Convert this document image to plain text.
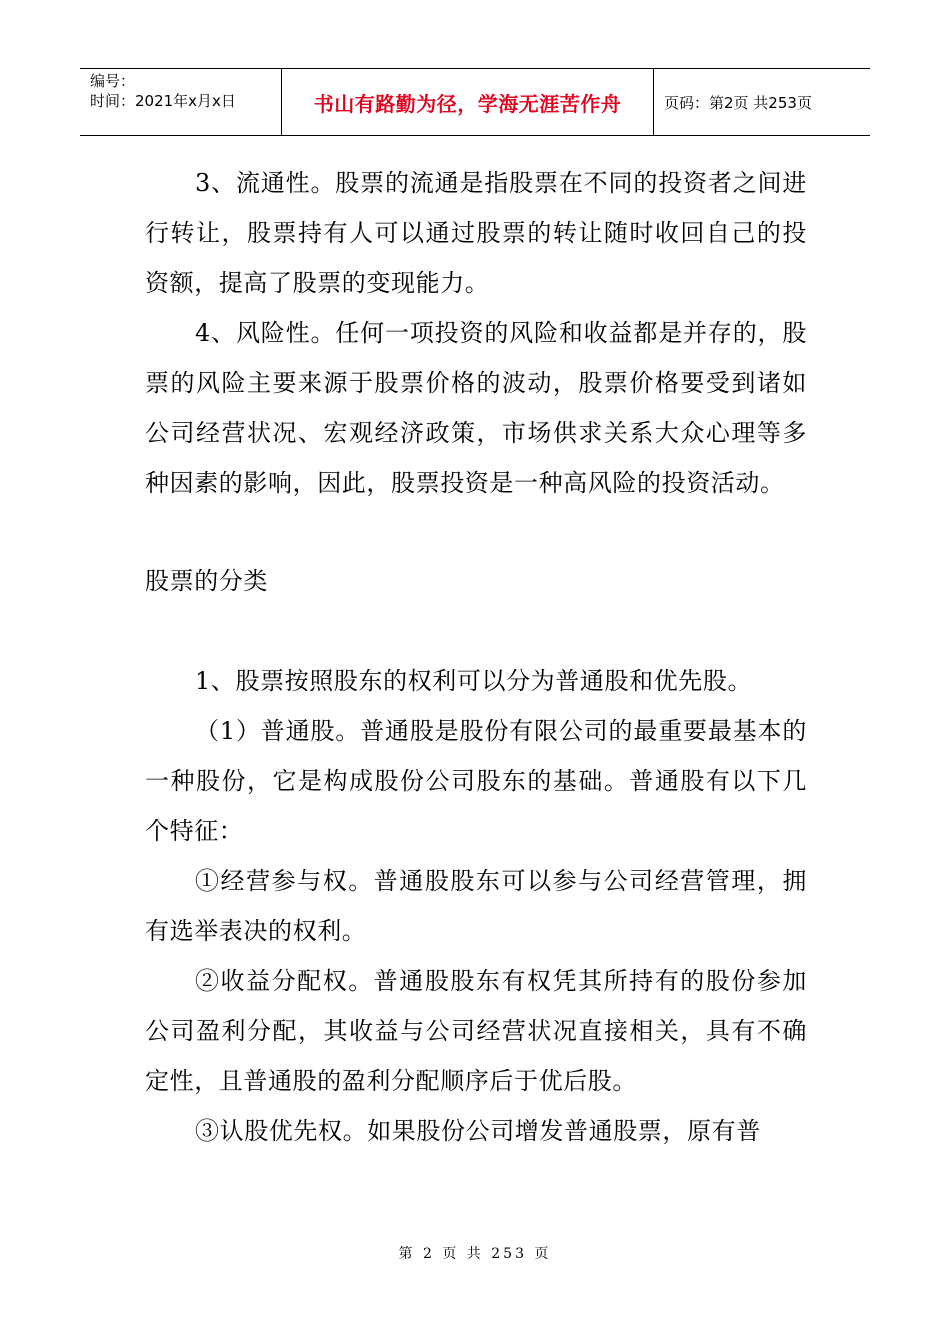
编号：
时间：2021年x月x日	书山有路勤为径，学海无涯苦作舟	页码：第2页 共253页

3、流通性。股票的流通是指股票在不同的投资者之间进行转让，股票持有人可以通过股票的转让随时收回自己的投资额，提高了股票的变现能力。

4、风险性。任何一项投资的风险和收益都是并存的，股票的风险主要来源于股票价格的波动，股票价格要受到诸如公司经营状况、宏观经济政策，市场供求关系大众心理等多种因素的影响，因此，股票投资是一种高风险的投资活动。

股票的分类

1、股票按照股东的权利可以分为普通股和优先股。

（1）普通股。普通股是股份有限公司的最重要最基本的一种股份，它是构成股份公司股东的基础。普通股有以下几个特征：

①经营参与权。普通股股东可以参与公司经营管理，拥有选举表决的权利。

②收益分配权。普通股股东有权凭其所持有的股份参加公司盈利分配，其收益与公司经营状况直接相关，具有不确定性，且普通股的盈利分配顺序后于优后股。

③认股优先权。如果股份公司增发普通股票，原有普

第 2 页 共 253 页
